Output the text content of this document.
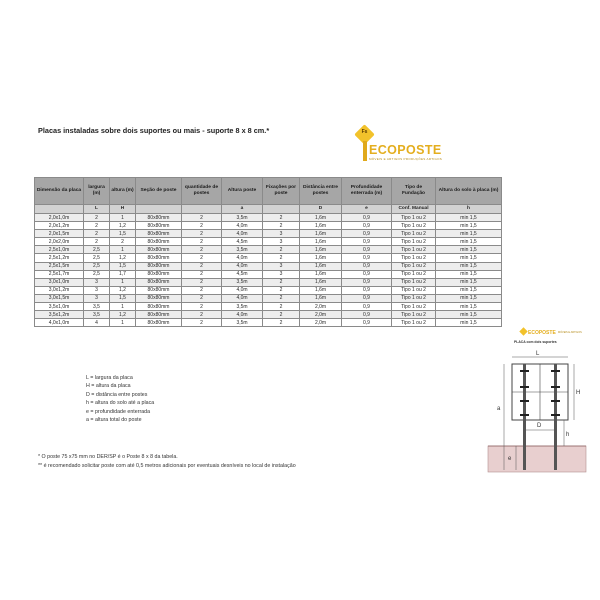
Placas instaladas sobre dois suportes ou mais - suporte 8 x 8 cm.*	Fs
ECOPOSTE
MÓVEIS E ARTIGOS PRODUÇÕES ARTIGOS
Dimensão da placa	largura (m)	altura (m)	Seção de poste	quantidade de postes	Altura poste	Fixações por poste	Distância entre postes	Profundidade enterrada (m)	Tipo de Fundação	Altura do solo à placa (m)
	L	H			a		D	e	Conf. Manual	h
2,0x1,0m	2	1	80x80mm	2	3,5m	2	1,6m	0,9	Tipo 1 ou 2	min 1,5
2,0x1,2m	2	1,2	80x80mm	2	4,0m	2	1,6m	0,9	Tipo 1 ou 2	min 1,5
2,0x1,5m	2	1,5	80x80mm	2	4,0m	3	1,6m	0,9	Tipo 1 ou 2	min 1,5
2,0x2,0m	2	2	80x80mm	2	4,5m	3	1,6m	0,9	Tipo 1 ou 2	min 1,5
2,5x1,0m	2,5	1	80x80mm	2	3,5m	2	1,6m	0,9	Tipo 1 ou 2	min 1,5
2,5x1,2m	2,5	1,2	80x80mm	2	4,0m	2	1,6m	0,9	Tipo 1 ou 2	min 1,5
2,5x1,5m	2,5	1,5	80x80mm	2	4,0m	3	1,6m	0,9	Tipo 1 ou 2	min 1,5
2,5x1,7m	2,5	1,7	80x80mm	2	4,5m	3	1,6m	0,9	Tipo 1 ou 2	min 1,5
3,0x1,0m	3	1	80x80mm	2	3,5m	2	1,6m	0,9	Tipo 1 ou 2	min 1,5
3,0x1,2m	3	1,2	80x80mm	2	4,0m	2	1,6m	0,9	Tipo 1 ou 2	min 1,5
3,0x1,5m	3	1,5	80x80mm	2	4,0m	2	1,6m	0,9	Tipo 1 ou 2	min 1,5
3,5x1,0m	3,5	1	80x80mm	2	3,5m	2	2,0m	0,9	Tipo 1 ou 2	min 1,5
3,5x1,2m	3,5	1,2	80x80mm	2	4,0m	2	2,0m	0,9	Tipo 1 ou 2	min 1,5
4,0x1,0m	4	1	80x80mm	2	3,5m	2	2,0m	0,9	Tipo 1 ou 2	min 1,5
L = largura da placa
H = altura da placa
D = distância entre postes
h = altura do solo até a placa
e = profundidade enterrada
a = altura total do poste
* O poste 75 x75 mm no DER/SP é o Poste 8 x 8 da tabela.
** é recomendado solicitar poste com até 0,5 metros adicionais por eventuais desníveis no local de instalação
ECOPOSTE MÓVEIS E ARTIGOS
PLACA com dois suportes
L
H
a
D
h
e
